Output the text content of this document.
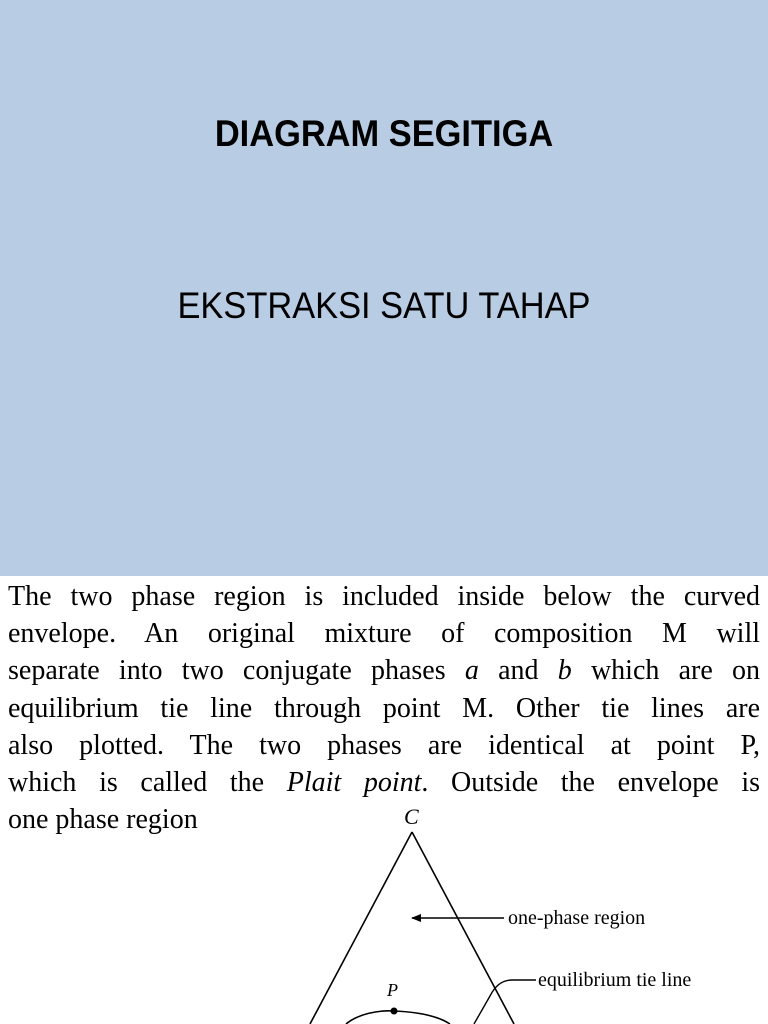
DIAGRAM SEGITIGA
EKSTRAKSI SATU TAHAP
The two phase region is included inside below the curved
envelope. An original mixture of composition M will
separate into two conjugate phases a and b which are on
equilibrium tie line through point M. Other tie lines are
also plotted. The two phases are identical at point P,
which is called the Plait point. Outside the envelope is
one phase region	C
one-phase region
P	equilibrium tie line
